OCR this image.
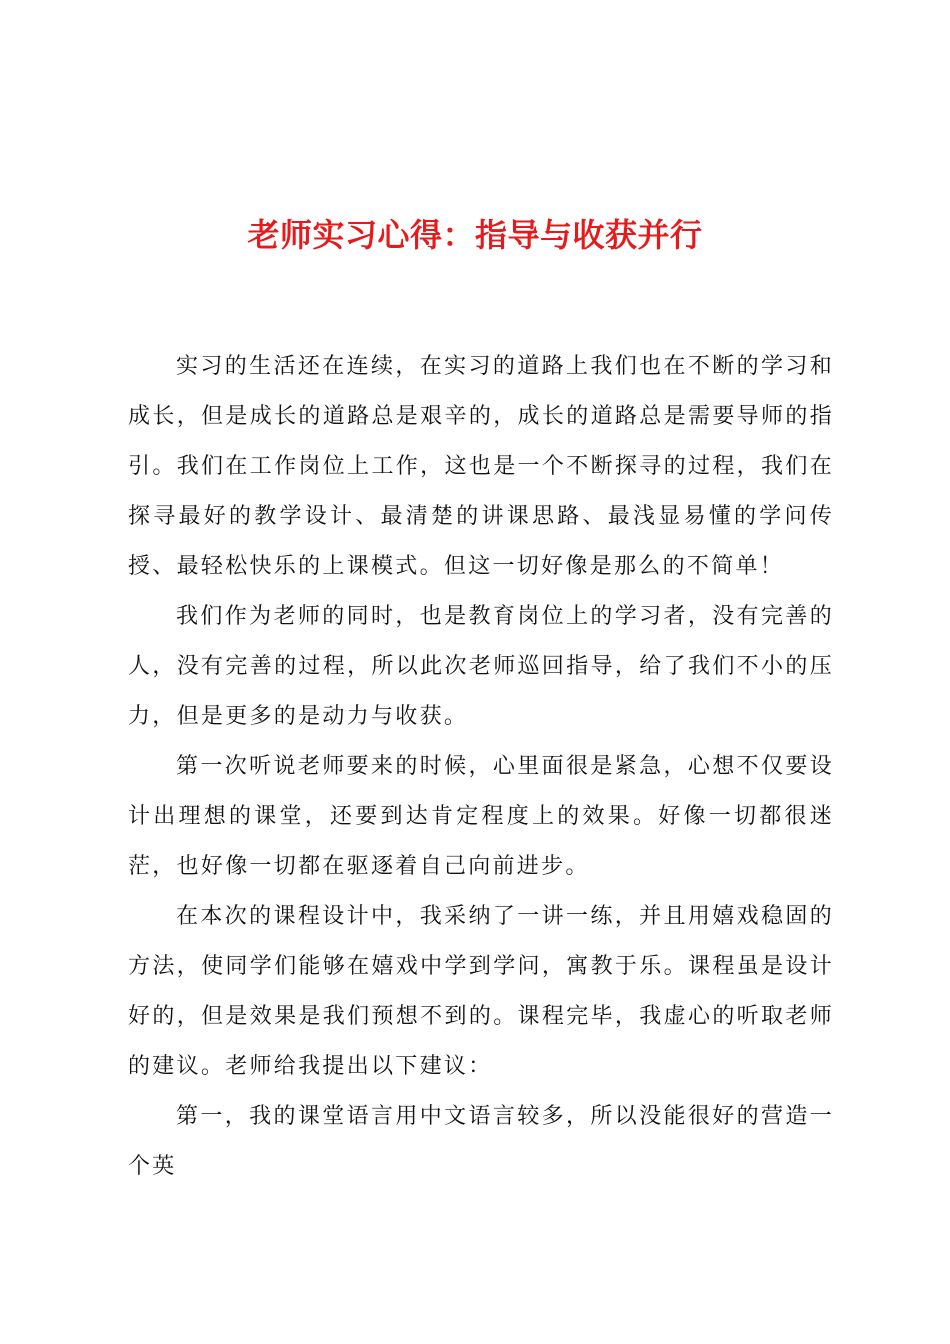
老师实习心得：指导与收获并行

实习的生活还在连续，在实习的道路上我们也在不断的学习和成长，但是成长的道路总是艰辛的，成长的道路总是需要导师的指引。我们在工作岗位上工作，这也是一个不断探寻的过程，我们在探寻最好的教学设计、最清楚的讲课思路、最浅显易懂的学问传授、最轻松快乐的上课模式。但这一切好像是那么的不简单！

我们作为老师的同时，也是教育岗位上的学习者，没有完善的人，没有完善的过程，所以此次老师巡回指导，给了我们不小的压力，但是更多的是动力与收获。

第一次听说老师要来的时候，心里面很是紧急，心想不仅要设计出理想的课堂，还要到达肯定程度上的效果。好像一切都很迷茫，也好像一切都在驱逐着自己向前进步。

在本次的课程设计中，我采纳了一讲一练，并且用嬉戏稳固的方法，使同学们能够在嬉戏中学到学问，寓教于乐。课程虽是设计好的，但是效果是我们预想不到的。课程完毕，我虚心的听取老师的建议。老师给我提出以下建议：

第一，我的课堂语言用中文语言较多，所以没能很好的营造一个英
